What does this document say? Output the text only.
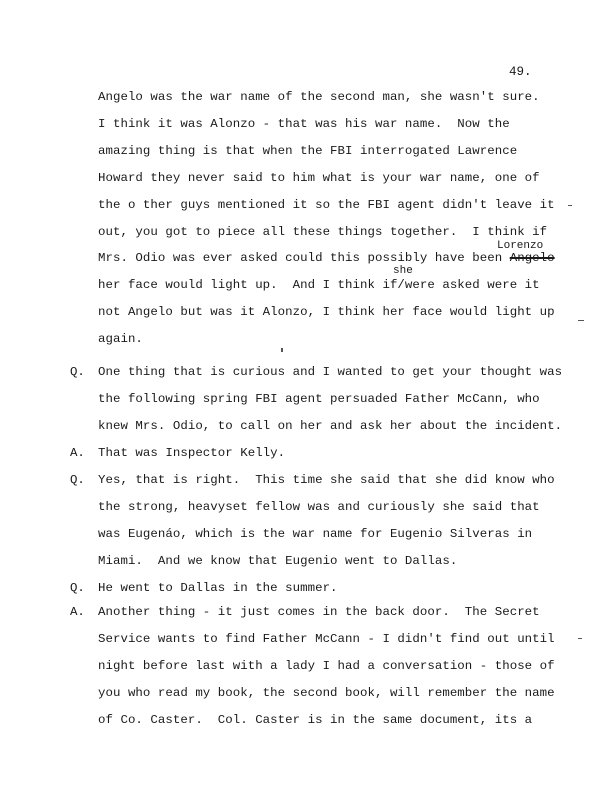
49.
Angelo was the war name of the second man, she wasn't sure.
I think it was Alonzo - that was his war name.  Now the
amazing thing is that when the FBI interrogated Lawrence
Howard they never said to him what is your war name, one of
the o ther guys mentioned it so the FBI agent didn't leave it
out, you got to piece all these things together.  I think if
Lorenzo
Mrs. Odio was ever asked could this possibly have been Angelo
she
her face would light up.  And I think if/were asked were it
not Angelo but was it Alonzo, I think her face would light up
again.
Q. One thing that is curious and I wanted to get your thought was
the following spring FBI agent persuaded Father McCann, who
knew Mrs. Odio, to call on her and ask her about the incident.
A. That was Inspector Kelly.
Q. Yes, that is right.  This time she said that she did know who
the strong, heavyset fellow was and curiously she said that
was Eugenáo, which is the war name for Eugenio Silveras in
Miami.  And we know that Eugenio went to Dallas.
Q. He went to Dallas in the summer.
A. Another thing - it just comes in the back door.  The Secret
Service wants to find Father McCann - I didn't find out until
night before last with a lady I had a conversation - those of
you who read my book, the second book, will remember the name
of Co. Caster.  Col. Caster is in the same document, its a
